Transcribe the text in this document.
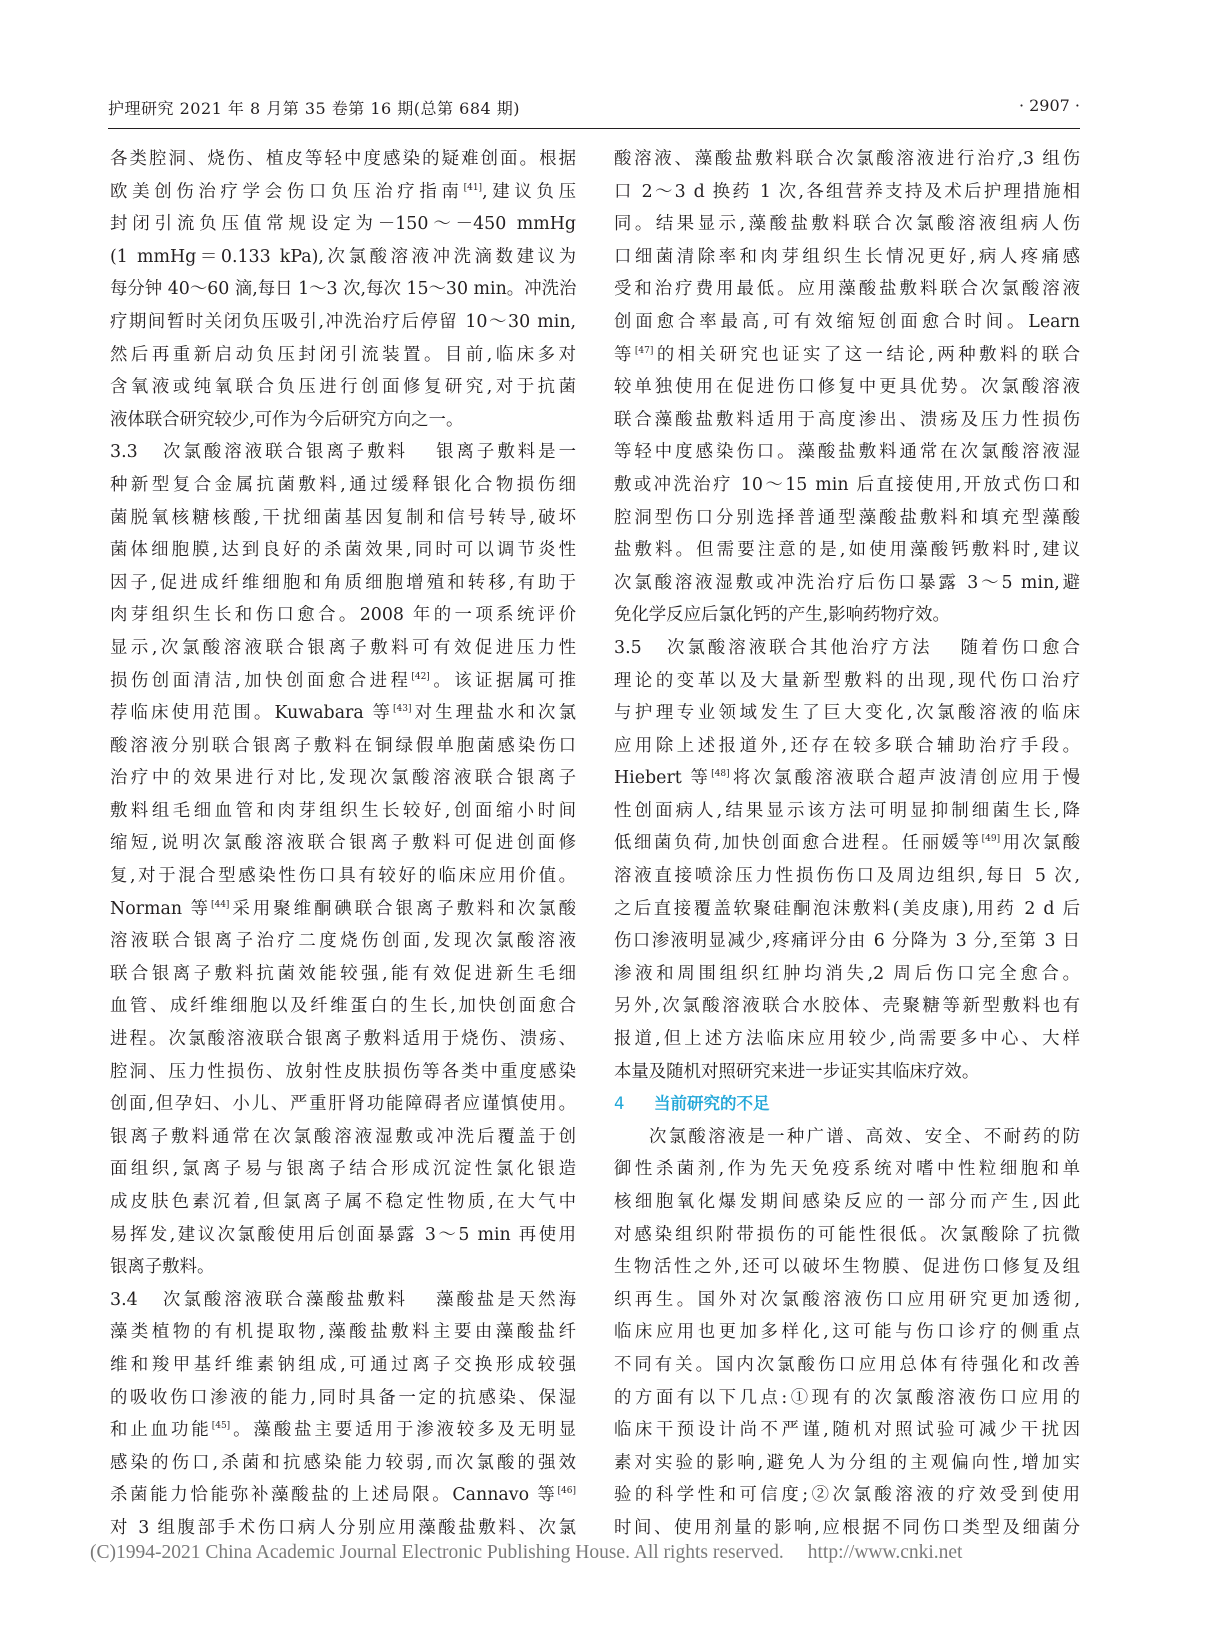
护理研究 2021 年 8 月第 35 卷第 16 期(总第 684 期)	· 2907 ·
各类腔洞、烧伤、植皮等轻中度感染的疑难创面。根据
欧美创伤治疗学会伤口负压治疗指南[41],建议负压
封闭引流负压值常规设定为－150～－450 mmHg
(1 mmHg＝0.133 kPa),次氯酸溶液冲洗滴数建议为
每分钟 40～60 滴,每日 1～3 次,每次 15～30 min。冲洗治
疗期间暂时关闭负压吸引,冲洗治疗后停留 10～30 min,
然后再重新启动负压封闭引流装置。目前,临床多对
含氧液或纯氧联合负压进行创面修复研究,对于抗菌
液体联合研究较少,可作为今后研究方向之一。
3.3 次氯酸溶液联合银离子敷料 银离子敷料是一
种新型复合金属抗菌敷料,通过缓释银化合物损伤细
菌脱氧核糖核酸,干扰细菌基因复制和信号转导,破坏
菌体细胞膜,达到良好的杀菌效果,同时可以调节炎性
因子,促进成纤维细胞和角质细胞增殖和转移,有助于
肉芽组织生长和伤口愈合。2008 年的一项系统评价
显示,次氯酸溶液联合银离子敷料可有效促进压力性
损伤创面清洁,加快创面愈合进程[42]。该证据属可推
荐临床使用范围。Kuwabara 等[43]对生理盐水和次氯
酸溶液分别联合银离子敷料在铜绿假单胞菌感染伤口
治疗中的效果进行对比,发现次氯酸溶液联合银离子
敷料组毛细血管和肉芽组织生长较好,创面缩小时间
缩短,说明次氯酸溶液联合银离子敷料可促进创面修
复,对于混合型感染性伤口具有较好的临床应用价值。
Norman 等[44]采用聚维酮碘联合银离子敷料和次氯酸
溶液联合银离子治疗二度烧伤创面,发现次氯酸溶液
联合银离子敷料抗菌效能较强,能有效促进新生毛细
血管、成纤维细胞以及纤维蛋白的生长,加快创面愈合
进程。次氯酸溶液联合银离子敷料适用于烧伤、溃疡、
腔洞、压力性损伤、放射性皮肤损伤等各类中重度感染
创面,但孕妇、小儿、严重肝肾功能障碍者应谨慎使用。
银离子敷料通常在次氯酸溶液湿敷或冲洗后覆盖于创
面组织,氯离子易与银离子结合形成沉淀性氯化银造
成皮肤色素沉着,但氯离子属不稳定性物质,在大气中
易挥发,建议次氯酸使用后创面暴露 3～5 min 再使用
银离子敷料。
3.4 次氯酸溶液联合藻酸盐敷料 藻酸盐是天然海
藻类植物的有机提取物,藻酸盐敷料主要由藻酸盐纤
维和羧甲基纤维素钠组成,可通过离子交换形成较强
的吸收伤口渗液的能力,同时具备一定的抗感染、保湿
和止血功能[45]。藻酸盐主要适用于渗液较多及无明显
感染的伤口,杀菌和抗感染能力较弱,而次氯酸的强效
杀菌能力恰能弥补藻酸盐的上述局限。Cannavo 等[46]
对 3 组腹部手术伤口病人分别应用藻酸盐敷料、次氯
酸溶液、藻酸盐敷料联合次氯酸溶液进行治疗,3 组伤
口 2～3 d 换药 1 次,各组营养支持及术后护理措施相
同。结果显示,藻酸盐敷料联合次氯酸溶液组病人伤
口细菌清除率和肉芽组织生长情况更好,病人疼痛感
受和治疗费用最低。应用藻酸盐敷料联合次氯酸溶液
创面愈合率最高,可有效缩短创面愈合时间。Learn
等[47]的相关研究也证实了这一结论,两种敷料的联合
较单独使用在促进伤口修复中更具优势。次氯酸溶液
联合藻酸盐敷料适用于高度渗出、溃疡及压力性损伤
等轻中度感染伤口。藻酸盐敷料通常在次氯酸溶液湿
敷或冲洗治疗 10～15 min 后直接使用,开放式伤口和
腔洞型伤口分别选择普通型藻酸盐敷料和填充型藻酸
盐敷料。但需要注意的是,如使用藻酸钙敷料时,建议
次氯酸溶液湿敷或冲洗治疗后伤口暴露 3～5 min,避
免化学反应后氯化钙的产生,影响药物疗效。
3.5 次氯酸溶液联合其他治疗方法 随着伤口愈合
理论的变革以及大量新型敷料的出现,现代伤口治疗
与护理专业领域发生了巨大变化,次氯酸溶液的临床
应用除上述报道外,还存在较多联合辅助治疗手段。
Hiebert 等[48]将次氯酸溶液联合超声波清创应用于慢
性创面病人,结果显示该方法可明显抑制细菌生长,降
低细菌负荷,加快创面愈合进程。任丽媛等[49]用次氯酸
溶液直接喷涂压力性损伤伤口及周边组织,每日 5 次,
之后直接覆盖软聚硅酮泡沫敷料(美皮康),用药 2 d 后
伤口渗液明显减少,疼痛评分由 6 分降为 3 分,至第 3 日
渗液和周围组织红肿均消失,2 周后伤口完全愈合。
另外,次氯酸溶液联合水胶体、壳聚糖等新型敷料也有
报道,但上述方法临床应用较少,尚需要多中心、大样
本量及随机对照研究来进一步证实其临床疗效。
4 当前研究的不足
次氯酸溶液是一种广谱、高效、安全、不耐药的防
御性杀菌剂,作为先天免疫系统对嗜中性粒细胞和单
核细胞氧化爆发期间感染反应的一部分而产生,因此
对感染组织附带损伤的可能性很低。次氯酸除了抗微
生物活性之外,还可以破坏生物膜、促进伤口修复及组
织再生。国外对次氯酸溶液伤口应用研究更加透彻,
临床应用也更加多样化,这可能与伤口诊疗的侧重点
不同有关。国内次氯酸伤口应用总体有待强化和改善
的方面有以下几点:①现有的次氯酸溶液伤口应用的
临床干预设计尚不严谨,随机对照试验可减少干扰因
素对实验的影响,避免人为分组的主观偏向性,增加实
验的科学性和可信度;②次氯酸溶液的疗效受到使用
时间、使用剂量的影响,应根据不同伤口类型及细菌分
(C)1994-2021 China Academic Journal Electronic Publishing House. All rights reserved. http://www.cnki.net
